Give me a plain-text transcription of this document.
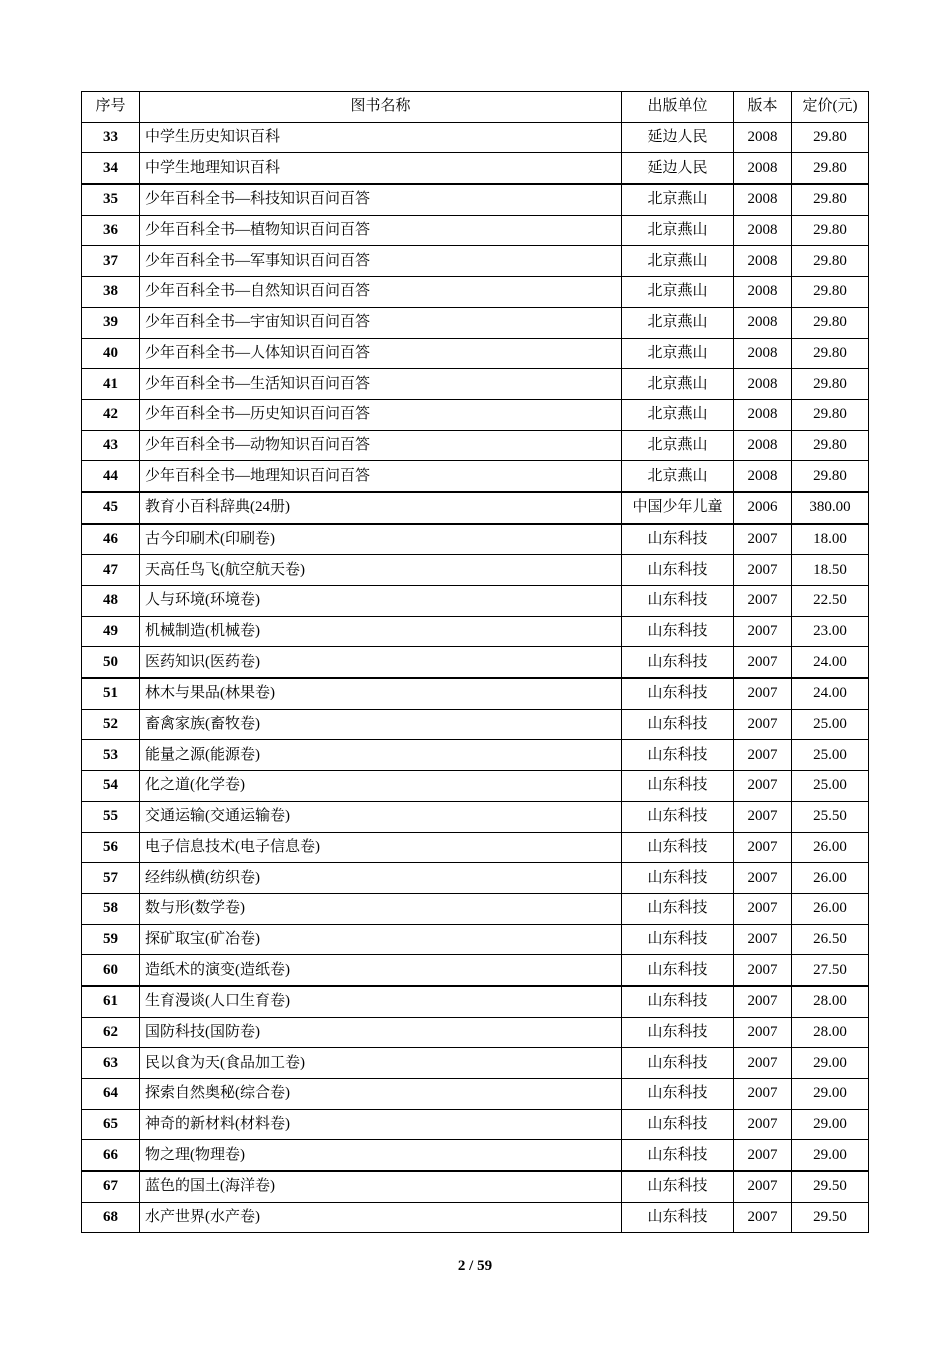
序号	图书名称	出版单位	版本	定价(元)
33	中学生历史知识百科	延边人民	2008	29.80
34	中学生地理知识百科	延边人民	2008	29.80
35	少年百科全书—科技知识百问百答	北京燕山	2008	29.80
36	少年百科全书—植物知识百问百答	北京燕山	2008	29.80
37	少年百科全书—军事知识百问百答	北京燕山	2008	29.80
38	少年百科全书—自然知识百问百答	北京燕山	2008	29.80
39	少年百科全书—宇宙知识百问百答	北京燕山	2008	29.80
40	少年百科全书—人体知识百问百答	北京燕山	2008	29.80
41	少年百科全书—生活知识百问百答	北京燕山	2008	29.80
42	少年百科全书—历史知识百问百答	北京燕山	2008	29.80
43	少年百科全书—动物知识百问百答	北京燕山	2008	29.80
44	少年百科全书—地理知识百问百答	北京燕山	2008	29.80
45	教育小百科辞典(24册)	中国少年儿童	2006	380.00
46	古今印刷术(印刷卷)	山东科技	2007	18.00
47	天高任鸟飞(航空航天卷)	山东科技	2007	18.50
48	人与环境(环境卷)	山东科技	2007	22.50
49	机械制造(机械卷)	山东科技	2007	23.00
50	医药知识(医药卷)	山东科技	2007	24.00
51	林木与果品(林果卷)	山东科技	2007	24.00
52	畜禽家族(畜牧卷)	山东科技	2007	25.00
53	能量之源(能源卷)	山东科技	2007	25.00
54	化之道(化学卷)	山东科技	2007	25.00
55	交通运输(交通运输卷)	山东科技	2007	25.50
56	电子信息技术(电子信息卷)	山东科技	2007	26.00
57	经纬纵横(纺织卷)	山东科技	2007	26.00
58	数与形(数学卷)	山东科技	2007	26.00
59	探矿取宝(矿冶卷)	山东科技	2007	26.50
60	造纸术的演变(造纸卷)	山东科技	2007	27.50
61	生育漫谈(人口生育卷)	山东科技	2007	28.00
62	国防科技(国防卷)	山东科技	2007	28.00
63	民以食为天(食品加工卷)	山东科技	2007	29.00
64	探索自然奥秘(综合卷)	山东科技	2007	29.00
65	神奇的新材料(材料卷)	山东科技	2007	29.00
66	物之理(物理卷)	山东科技	2007	29.00
67	蓝色的国土(海洋卷)	山东科技	2007	29.50
68	水产世界(水产卷)	山东科技	2007	29.50
2 / 59
